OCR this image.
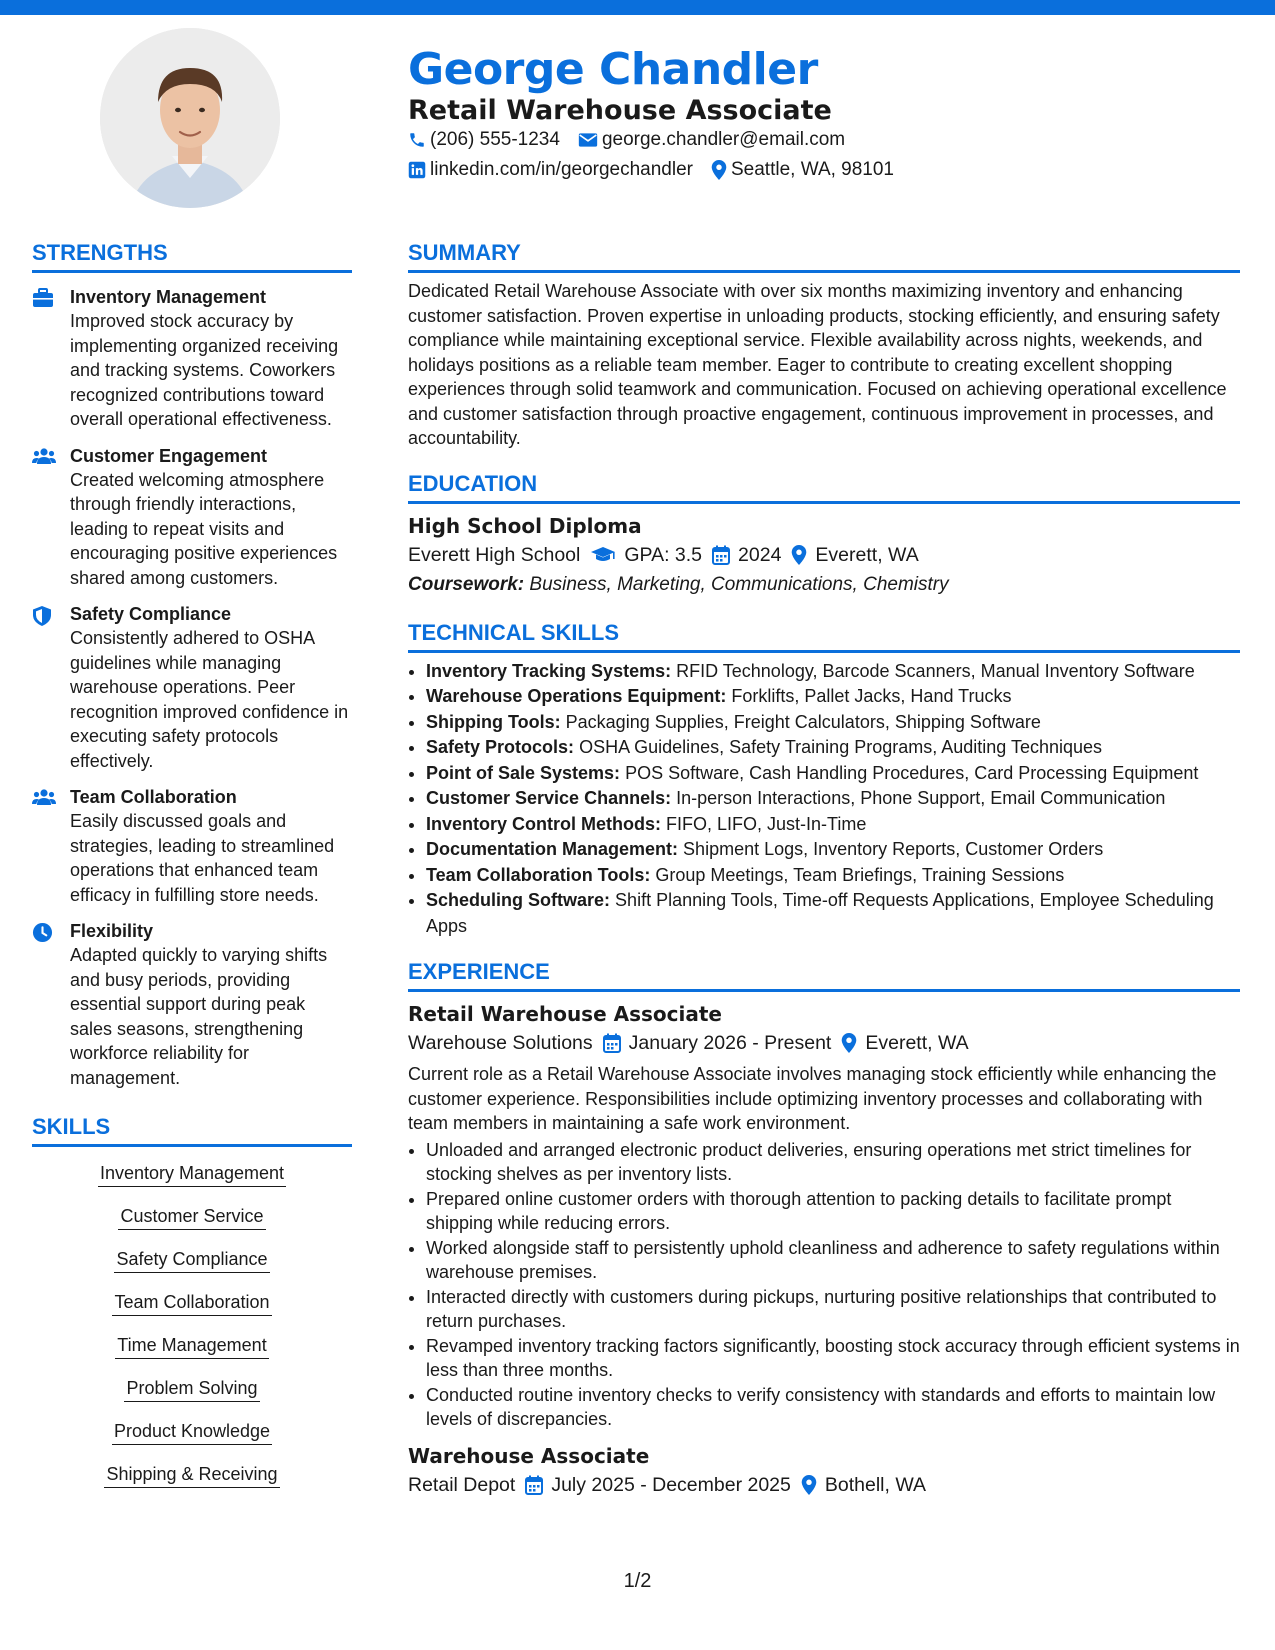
George Chandler
Retail Warehouse Associate
(206) 555-1234 george.chandler@email.com
linkedin.com/in/georgechandler Seattle, WA, 98101
STRENGTHS
Inventory Management
Improved stock accuracy by implementing organized receiving and tracking systems. Coworkers recognized contributions toward overall operational effectiveness.
Customer Engagement
Created welcoming atmosphere through friendly interactions, leading to repeat visits and encouraging positive experiences shared among customers.
Safety Compliance
Consistently adhered to OSHA guidelines while managing warehouse operations. Peer recognition improved confidence in executing safety protocols effectively.
Team Collaboration
Easily discussed goals and strategies, leading to streamlined operations that enhanced team efficacy in fulfilling store needs.
Flexibility
Adapted quickly to varying shifts and busy periods, providing essential support during peak sales seasons, strengthening workforce reliability for management.
SKILLS
Inventory Management
Customer Service
Safety Compliance
Team Collaboration
Time Management
Problem Solving
Product Knowledge
Shipping & Receiving
SUMMARY

Dedicated Retail Warehouse Associate with over six months maximizing inventory and enhancing customer satisfaction. Proven expertise in unloading products, stocking efficiently, and ensuring safety compliance while maintaining exceptional service. Flexible availability across nights, weekends, and holidays positions as a reliable team member. Eager to contribute to creating excellent shopping experiences through solid teamwork and communication. Focused on achieving operational excellence and customer satisfaction through proactive engagement, continuous improvement in processes, and accountability.

EDUCATION
High School Diploma
Everett High School GPA: 3.5 2024 Everett, WA
Coursework: Business, Marketing, Communications, Chemistry
TECHNICAL SKILLS
• Inventory Tracking Systems: RFID Technology, Barcode Scanners, Manual Inventory Software
• Warehouse Operations Equipment: Forklifts, Pallet Jacks, Hand Trucks
• Shipping Tools: Packaging Supplies, Freight Calculators, Shipping Software
• Safety Protocols: OSHA Guidelines, Safety Training Programs, Auditing Techniques
• Point of Sale Systems: POS Software, Cash Handling Procedures, Card Processing Equipment
• Customer Service Channels: In-person Interactions, Phone Support, Email Communication
• Inventory Control Methods: FIFO, LIFO, Just-In-Time
• Documentation Management: Shipment Logs, Inventory Reports, Customer Orders
• Team Collaboration Tools: Group Meetings, Team Briefings, Training Sessions
• Scheduling Software: Shift Planning Tools, Time-off Requests Applications, Employee Scheduling Apps
EXPERIENCE
Retail Warehouse Associate
Warehouse Solutions January 2026 - Present Everett, WA

Current role as a Retail Warehouse Associate involves managing stock efficiently while enhancing the customer experience. Responsibilities include optimizing inventory processes and collaborating with team members in maintaining a safe work environment.

• Unloaded and arranged electronic product deliveries, ensuring operations met strict timelines for stocking shelves as per inventory lists.
• Prepared online customer orders with thorough attention to packing details to facilitate prompt shipping while reducing errors.
• Worked alongside staff to persistently uphold cleanliness and adherence to safety regulations within warehouse premises.
• Interacted directly with customers during pickups, nurturing positive relationships that contributed to return purchases.
• Revamped inventory tracking factors significantly, boosting stock accuracy through efficient systems in less than three months.
• Conducted routine inventory checks to verify consistency with standards and efforts to maintain low levels of discrepancies.
Warehouse Associate
Retail Depot July 2025 - December 2025 Bothell, WA
1/2
